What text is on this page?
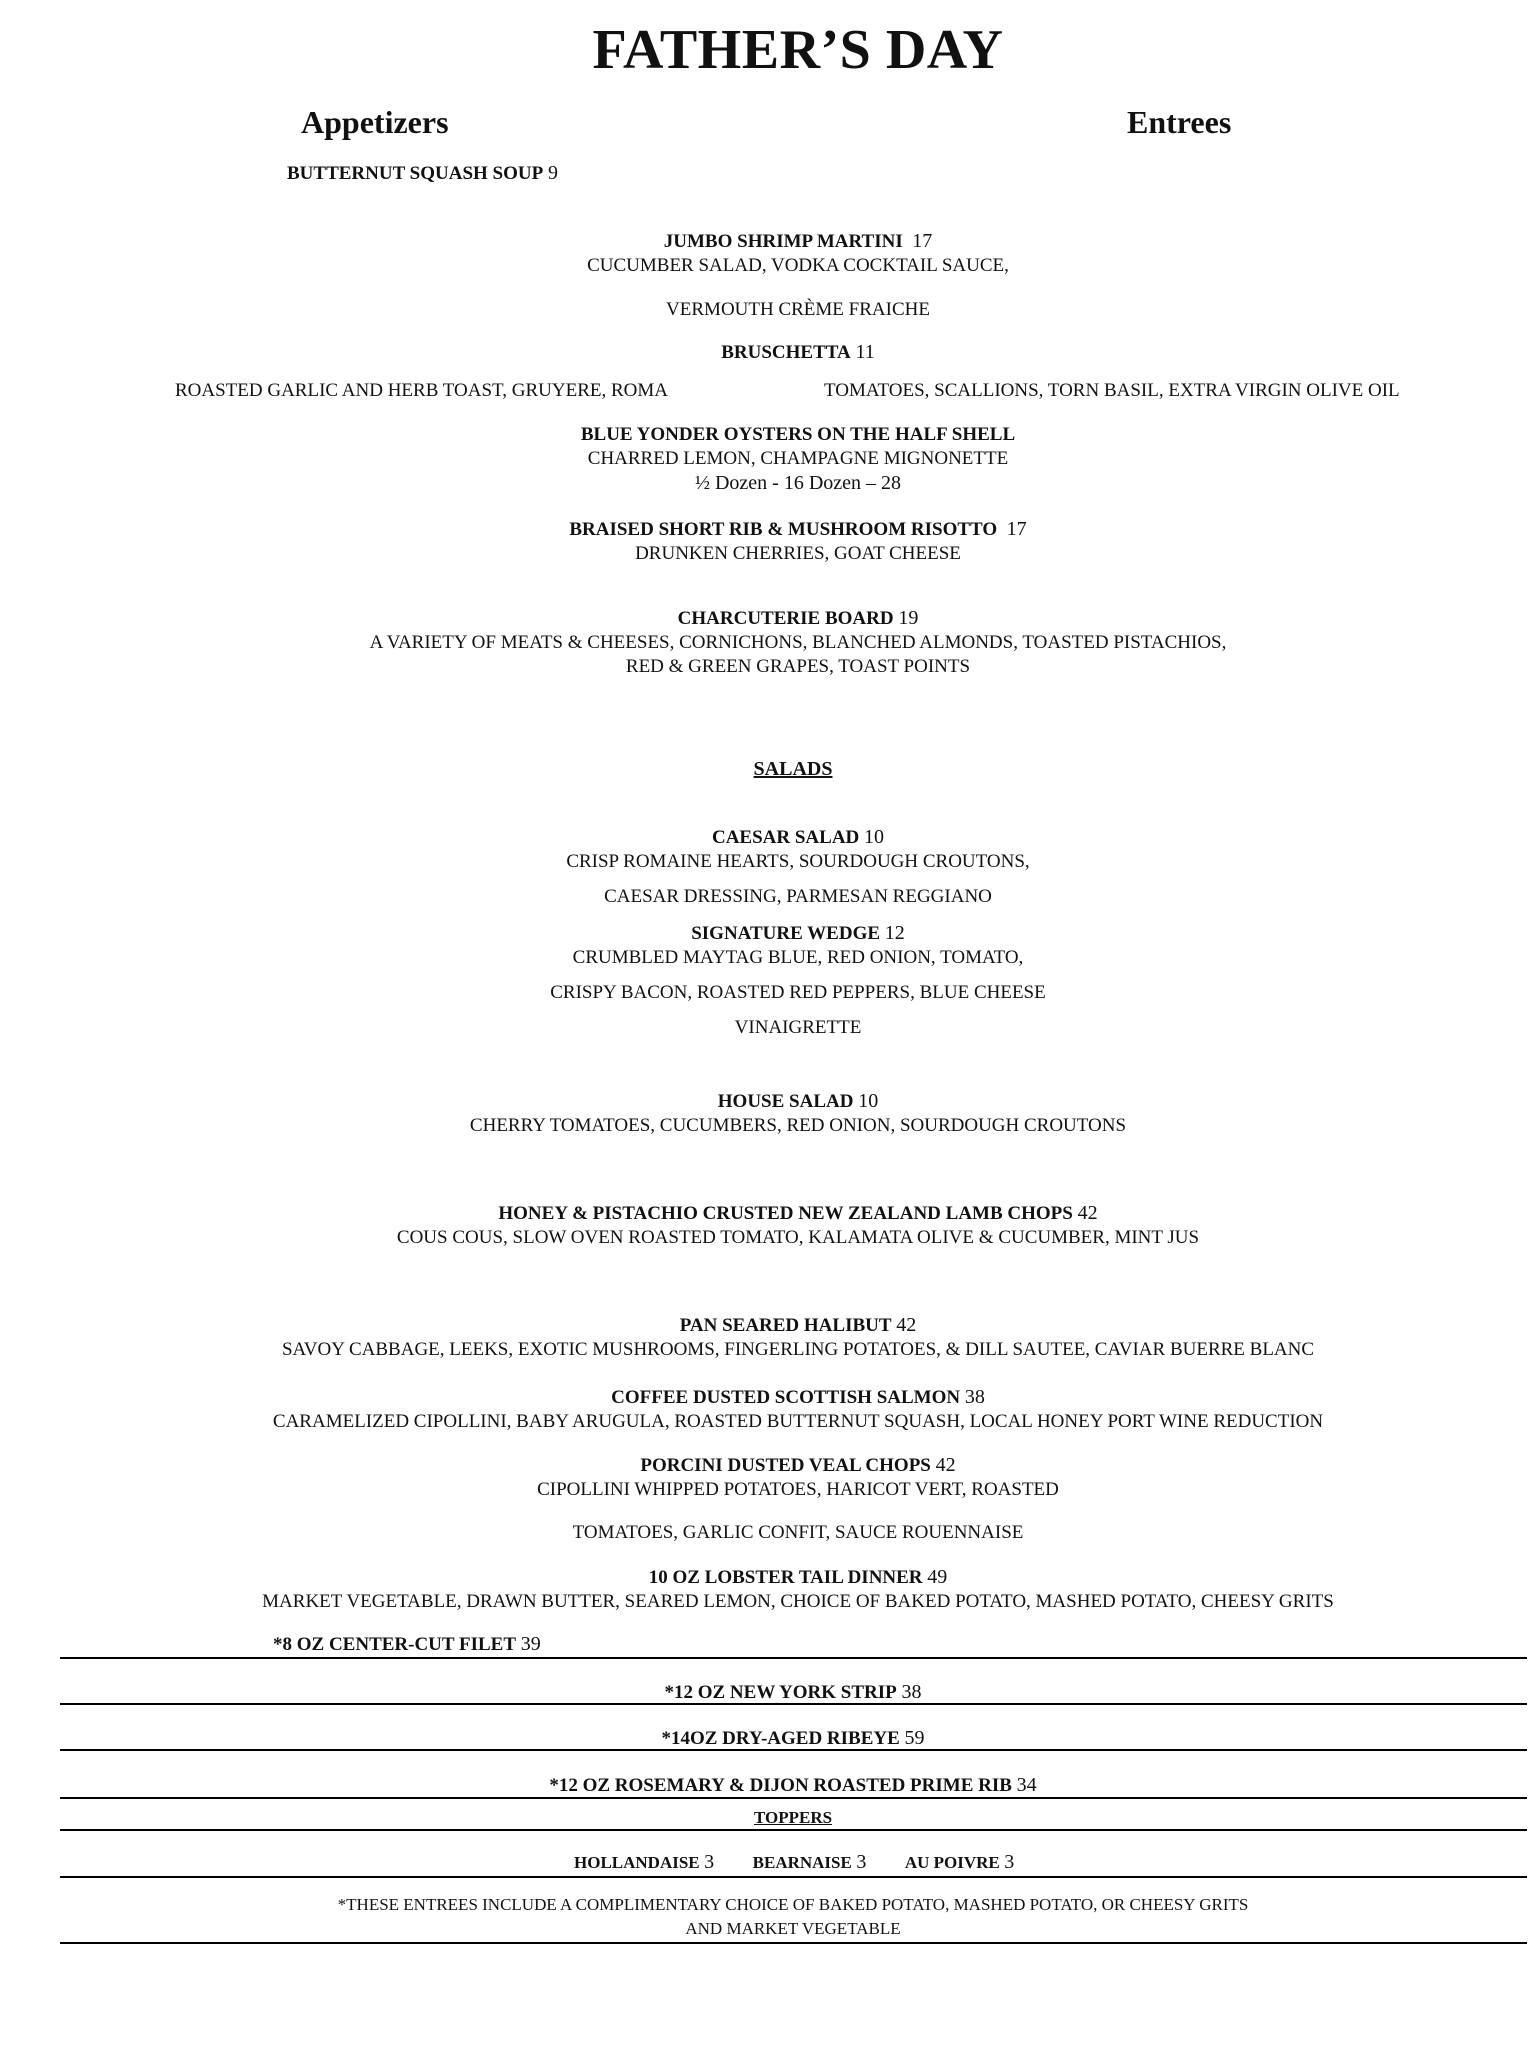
FATHER’S DAY
Appetizers	Entrees
BUTTERNUT SQUASH SOUP 9
JUMBO SHRIMP MARTINI 17
CUCUMBER SALAD, VODKA COCKTAIL SAUCE,
VERMOUTH CRÈME FRAICHE
BRUSCHETTA 11
ROASTED GARLIC AND HERB TOAST, GRUYERE, ROMA	TOMATOES, SCALLIONS, TORN BASIL, EXTRA VIRGIN OLIVE OIL
BLUE YONDER OYSTERS ON THE HALF SHELL
CHARRED LEMON, CHAMPAGNE MIGNONETTE
½ Dozen - 16 Dozen – 28
BRAISED SHORT RIB & MUSHROOM RISOTTO 17
DRUNKEN CHERRIES, GOAT CHEESE
CHARCUTERIE BOARD 19
A VARIETY OF MEATS & CHEESES, CORNICHONS, BLANCHED ALMONDS, TOASTED PISTACHIOS,
RED & GREEN GRAPES, TOAST POINTS
SALADS
CAESAR SALAD 10
CRISP ROMAINE HEARTS, SOURDOUGH CROUTONS,
CAESAR DRESSING, PARMESAN REGGIANO
SIGNATURE WEDGE 12
CRUMBLED MAYTAG BLUE, RED ONION, TOMATO,
CRISPY BACON, ROASTED RED PEPPERS, BLUE CHEESE
VINAIGRETTE
HOUSE SALAD 10
CHERRY TOMATOES, CUCUMBERS, RED ONION, SOURDOUGH CROUTONS
HONEY & PISTACHIO CRUSTED NEW ZEALAND LAMB CHOPS 42
COUS COUS, SLOW OVEN ROASTED TOMATO, KALAMATA OLIVE & CUCUMBER, MINT JUS
PAN SEARED HALIBUT 42
SAVOY CABBAGE, LEEKS, EXOTIC MUSHROOMS, FINGERLING POTATOES, & DILL SAUTEE, CAVIAR BUERRE BLANC
COFFEE DUSTED SCOTTISH SALMON 38
CARAMELIZED CIPOLLINI, BABY ARUGULA, ROASTED BUTTERNUT SQUASH, LOCAL HONEY PORT WINE REDUCTION
PORCINI DUSTED VEAL CHOPS 42
CIPOLLINI WHIPPED POTATOES, HARICOT VERT, ROASTED
TOMATOES, GARLIC CONFIT, SAUCE ROUENNAISE
10 OZ LOBSTER TAIL DINNER 49
MARKET VEGETABLE, DRAWN BUTTER, SEARED LEMON, CHOICE OF BAKED POTATO, MASHED POTATO, CHEESY GRITS
*8 OZ CENTER-CUT FILET 39
*12 OZ NEW YORK STRIP 38
*14OZ DRY-AGED RIBEYE 59
*12 OZ ROSEMARY & DIJON ROASTED PRIME RIB 34
TOPPERS
HOLLANDAISE 3 BEARNAISE 3 AU POIVRE 3
*THESE ENTREES INCLUDE A COMPLIMENTARY CHOICE OF BAKED POTATO, MASHED POTATO, OR CHEESY GRITS
AND MARKET VEGETABLE
